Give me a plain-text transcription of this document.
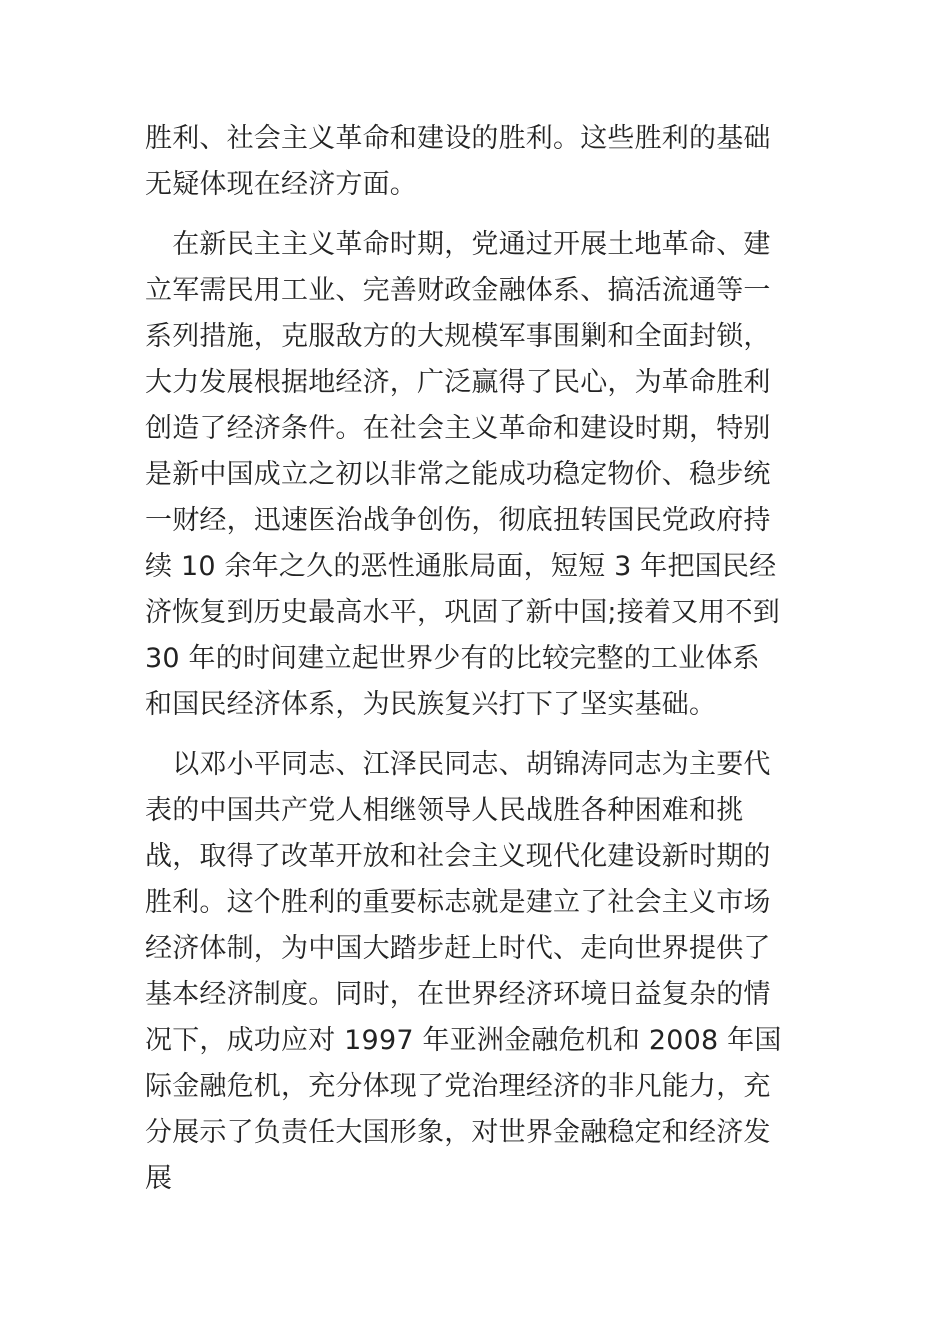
胜利、社会主义革命和建设的胜利。这些胜利的基础
无疑体现在经济方面。
　在新民主主义革命时期，党通过开展土地革命、建
立军需民用工业、完善财政金融体系、搞活流通等一
系列措施，克服敌方的大规模军事围剿和全面封锁，
大力发展根据地经济，广泛赢得了民心，为革命胜利
创造了经济条件。在社会主义革命和建设时期，特别
是新中国成立之初以非常之能成功稳定物价、稳步统
一财经，迅速医治战争创伤，彻底扭转国民党政府持
续 10 余年之久的恶性通胀局面，短短 3 年把国民经
济恢复到历史最高水平，巩固了新中国;接着又用不到
30 年的时间建立起世界少有的比较完整的工业体系
和国民经济体系，为民族复兴打下了坚实基础。
　以邓小平同志、江泽民同志、胡锦涛同志为主要代
表的中国共产党人相继领导人民战胜各种困难和挑
战，取得了改革开放和社会主义现代化建设新时期的
胜利。这个胜利的重要标志就是建立了社会主义市场
经济体制，为中国大踏步赶上时代、走向世界提供了
基本经济制度。同时，在世界经济环境日益复杂的情
况下，成功应对 1997 年亚洲金融危机和 2008 年国
际金融危机，充分体现了党治理经济的非凡能力，充
分展示了负责任大国形象，对世界金融稳定和经济发
展
